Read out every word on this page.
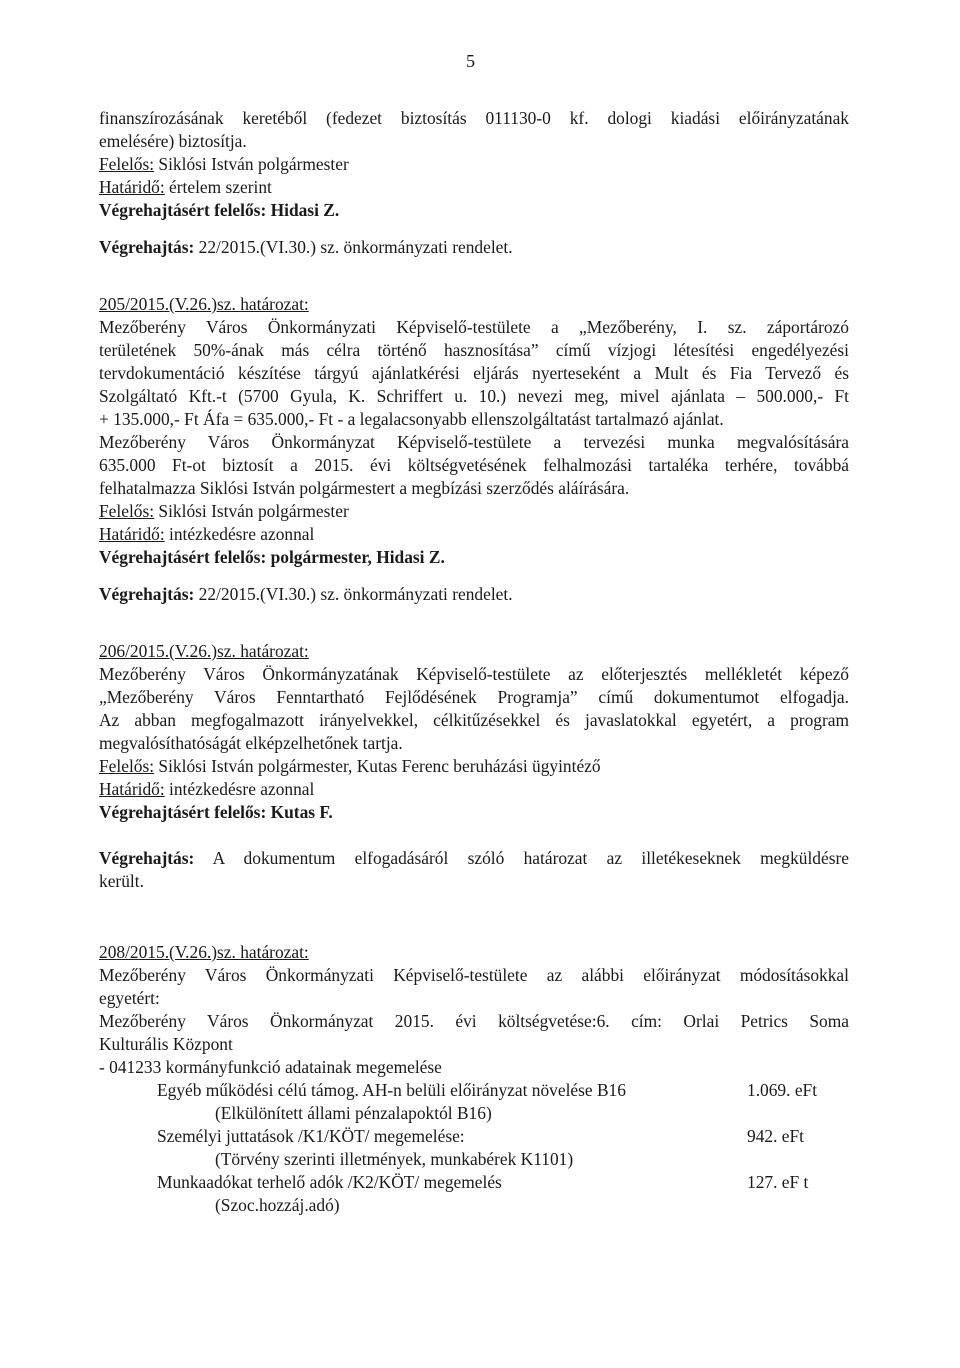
5
finanszírozásának keretéből (fedezet biztosítás 011130-0 kf. dologi kiadási előirányzatának
emelésére) biztosítja.
Felelős: Siklósi István polgármester
Határidő: értelem szerint
Végrehajtásért felelős: Hidasi Z.
Végrehajtás: 22/2015.(VI.30.) sz. önkormányzati rendelet.
205/2015.(V.26.)sz. határozat:
Mezőberény Város Önkormányzati Képviselő-testülete a „Mezőberény, I. sz. záportározó
területének 50%-ának más célra történő hasznosítása” című vízjogi létesítési engedélyezési
tervdokumentáció készítése tárgyú ajánlatkérési eljárás nyerteseként a Mult és Fia Tervező és
Szolgáltató Kft.-t (5700 Gyula, K. Schriffert u. 10.) nevezi meg, mivel ajánlata – 500.000,- Ft
+ 135.000,- Ft Áfa = 635.000,- Ft - a legalacsonyabb ellenszolgáltatást tartalmazó ajánlat.
Mezőberény Város Önkormányzat Képviselő-testülete a tervezési munka megvalósítására
635.000 Ft-ot biztosít a 2015. évi költségvetésének felhalmozási tartaléka terhére, továbbá
felhatalmazza Siklósi István polgármestert a megbízási szerződés aláírására.
Felelős: Siklósi István polgármester
Határidő: intézkedésre azonnal
Végrehajtásért felelős: polgármester, Hidasi Z.
Végrehajtás: 22/2015.(VI.30.) sz. önkormányzati rendelet.
206/2015.(V.26.)sz. határozat:
Mezőberény Város Önkormányzatának Képviselő-testülete az előterjesztés mellékletét képező
„Mezőberény Város Fenntartható Fejlődésének Programja” című dokumentumot elfogadja.
Az abban megfogalmazott irányelvekkel, célkitűzésekkel és javaslatokkal egyetért, a program
megvalósíthatóságát elképzelhetőnek tartja.
Felelős: Siklósi István polgármester, Kutas Ferenc beruházási ügyintéző
Határidő: intézkedésre azonnal
Végrehajtásért felelős: Kutas F.
Végrehajtás: A dokumentum elfogadásáról szóló határozat az illetékeseknek megküldésre
került.
208/2015.(V.26.)sz. határozat:
Mezőberény Város Önkormányzati Képviselő-testülete az alábbi előirányzat módosításokkal
egyetért:
Mezőberény Város Önkormányzat 2015. évi költségvetése:6. cím: Orlai Petrics Soma
Kulturális Központ
- 041233 kormányfunkció adatainak megemelése
Egyéb működési célú támog. AH-n belüli előirányzat növelése B16	1.069. eFt
(Elkülönített állami pénzalapoktól B16)
Személyi juttatások /K1/KÖT/ megemelése:	942. eFt
(Törvény szerinti illetmények, munkabérek K1101)
Munkaadókat terhelő adók /K2/KÖT/ megemelés	127. eF t
(Szoc.hozzáj.adó)
